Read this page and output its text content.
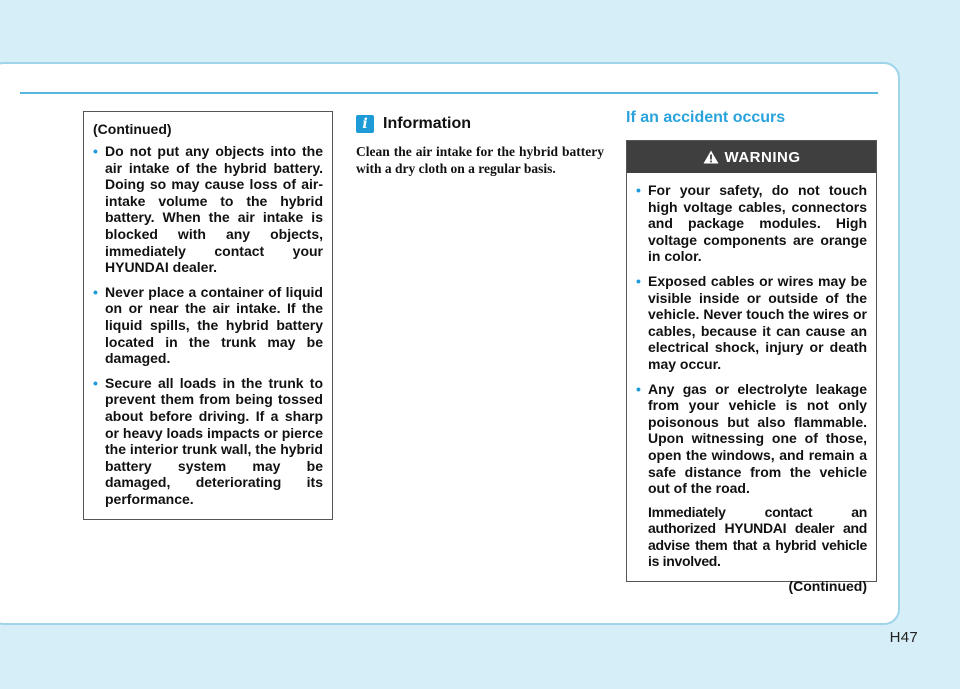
(Continued)
• Do not put any objects into the air intake of the hybrid battery. Doing so may cause loss of air-intake volume to the hybrid battery. When the air intake is blocked with any objects, immediately contact your HYUNDAI dealer.
• Never place a container of liquid on or near the air intake. If the liquid spills, the hybrid battery located in the trunk may be damaged.
• Secure all loads in the trunk to prevent them from being tossed about before driving. If a sharp or heavy loads impacts or pierce the interior trunk wall, the hybrid battery system may be damaged, deteriorating its performance.
i Information
Clean the air intake for the hybrid battery with a dry cloth on a regular basis.
If an accident occurs
WARNING
• For your safety, do not touch high voltage cables, connectors and package modules. High voltage components are orange in color.
• Exposed cables or wires may be visible inside or outside of the vehicle. Never touch the wires or cables, because it can cause an electrical shock, injury or death may occur.
• Any gas or electrolyte leakage from your vehicle is not only poisonous but also flammable. Upon witnessing one of those, open the windows, and remain a safe distance from the vehicle out of the road.
Immediately contact an authorized HYUNDAI dealer and advise them that a hybrid vehicle is involved.
(Continued)
H47
